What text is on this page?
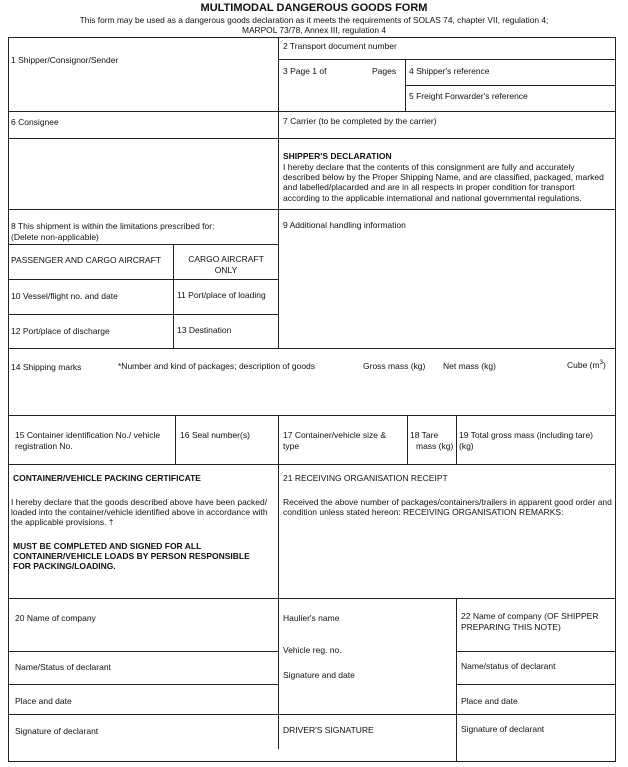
MULTIMODAL DANGEROUS GOODS FORM
This form may be used as a dangerous goods declaration as it meets the requirements of SOLAS 74, chapter VII, regulation 4;
MARPOL 73/78, Annex III, regulation 4
1 Shipper/Consignor/Sender
2 Transport document number
3 Page 1 of	Pages 4 Shipper's reference
5 Freight Forwarder's reference
6 Consignee	7 Carrier (to be completed by the carrier)
SHIPPER'S DECLARATION
I hereby declare that the contents of this consignment are fully and accurately described below by the Proper Shipping Name, and are classified, packaged, marked and labelled/placarded and are in all respects in proper condition for transport according to the applicable international and national governmental regulations.
8 This shipment is within the limitations prescribed for:
(Delete non-applicable)
9 Additional handling information
PASSENGER AND CARGO AIRCRAFT	CARGO AIRCRAFT
ONLY
10 Vessel/flight no. and date	11 Port/place of loading
12 Port/place of discharge	13 Destination
14 Shipping marks	*Number and kind of packages; description of goods	Gross mass (kg) Net mass (kg)	Cube $(m^3)$
15 Container identification No./ vehicle
registration No.
16 Seal number(s)	17 Container/vehicle size &
type
18 Tare
mass (kg)
19 Total gross mass (including tare)
(kg)
CONTAINER/VEHICLE PACKING CERTIFICATE
I hereby declare that the goods described above have been packed/ loaded into the container/vehicle identified above in accordance with the applicable provisions. †
MUST BE COMPLETED AND SIGNED FOR ALL CONTAINER/VEHICLE LOADS BY PERSON RESPONSIBLE FOR PACKING/LOADING.
21 RECEIVING ORGANISATION RECEIPT
Received the above number of packages/containers/trailers in apparent good order and condition unless stated hereon: RECEIVING ORGANISATION REMARKS:
20 Name of company	Haulier's name
Vehicle reg. no.
Signature and date
22 Name of company (OF SHIPPER
PREPARING THIS NOTE)
Name/Status of declarant	Name/status of declarant
Place and date	Place and date
Signature of declarant	DRIVER'S SIGNATURE	Signature of declarant
